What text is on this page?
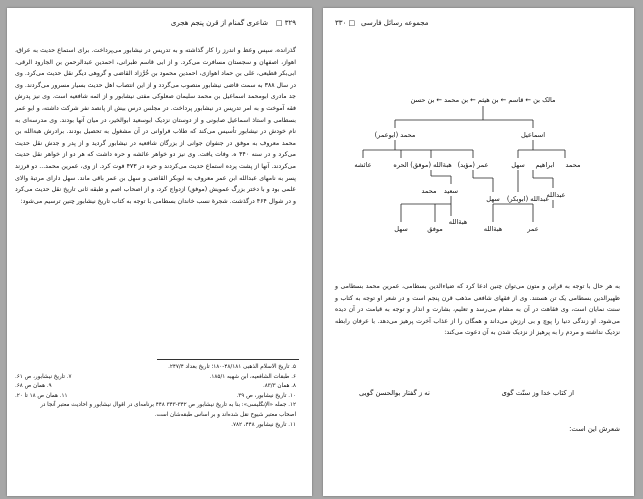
□ ۳۲۹
شاعری گمنام از قرن پنجم هجری
گذرانده، سپس وعظ و اندرز را کار گذاشته و به تدریس در نیشابور می‌پرداخت. برای استماع حدیث به عراق، اهواز، اصفهان و سجستان مسافرت می‌کرد. و از ابی قاسم طبرانی، احمدین عبدالرحمن بن الجارود الرقی، ابی‌بکر قطیعی، علی بن حماد اهوازی، احمدین محمود بن خُرَّزاد القاضی و گروهی دیگر نقل حدیث می‌کرد. وی در سال ۳۸۸ به سمت قاضی نیشابور منصوب می‌گردد و از این انتصاب اهل حدیث بسیار مسرور می‌گردند. وی جد مادری ابومحمد اسماعیل بن محمد سلیمان صعلوکی مفتی نیشابور و از ائمه شافعیه است. وی نیز پدرش فقه آموخت و به امر تدریس در نیشابور پرداخت. در مجلس درس بیش از پانصد نفر شرکت داشته، و ابو عمر بسطامی و استاذ اسماعیل صابونی و از دوستان نزدیک ابوسعید ابوالخیر، در میان آنها بودند. وی مدرسه‌ای به نام خودش در نیشابور تأسیس می‌کند که طلاب فراوانی در آن مشغول به تحصیل بودند. برادرش هبةالله بن محمد معروف به موفق در جنفوان جوانی از بزرگان شافعیه در نیشابور گردید و از پدر و جدش نقل حدیث می‌کرد و در سنه ۴۴۰ ه. وفات یافت. وی نیز دو خواهر عائشه و حره داشت که هر دو از خواهر نقل حدیث می‌کردند. آنها از پشت پرده استماع حدیث می‌کردند و حره در ۴۷۳ فوت کرد. از وی، عمرین محمد... دو فرزند پسر به نامهای عبدالله ابن عمر معروف به ابوبکر القاضی و سهل بن عمر باقی ماند. سهل دارای مرتبهٔ والای علمی بود و با دختر بزرگ عمویش (موفق) ازدواج کرد، و از اصحاب اصم و طبقه ثانی تاریخ نقل حدیث می‌کرد و در شوال ۴۶۴ درگذشت. شجرهٔ نسب خاندان بسطامی با توجه به کتاب تاریخ نیشابور چنین ترسیم می‌شود:
۵. تاریخ الاسلام الذهبی ۴۸/۱۸۱-۱۸۰؛ تاریخ بغداد ۲۴۷/۴.
۶. طبقات الشافعیه، ابن شهبه ۱۸۵/۱.
۷. تاریخ نیشابور، ص ۶۱.
۸. همان ۸۳/۳.
۹. همان ص ۶۸.
۱۰. تاریخ نیشابور، ص ۳۹.
۱۱. همان ص ۱۸ تا ۲۰.
۱۲. جمله «الإنگلیسی»: بنا به تاریخ نیشابور ص ۳۴۲-۳۴۳ ۴۴۸ برنامه‌ای در اقوال نیشابور و احادیث معتبر آنجا در
اصحاب معتبر شیوخ نقل شده‌اند و بر اساس طبقه‌شان است.
۱۱. تاریخ نیشابور ۴۴۸، ۷۸۲.
۳۳۰ □ مجموعه رسائل فارسی
مالک بن ← قاسم ← بن هیثم ← بن محمد ← بن حسن
اسماعیل
محمد (ابوعمر)
عائشه	الحره هبةالله (موفق) عمر (مؤید)	سهل ابراهیم محمد
سعید
محمد
سهل عبدالله (ابوبکر)
عبدالله
سهل	موفق
هبةالله
هبةالله	عمر
به هر حال با توجه به قراین و متون می‌توان چنین ادعا کرد که ضیاءالدین بسطامی، عمرین محمد بسطامی و ظهیرالدین بسطامی یک تن هستند. وی از فقهای شافعی مذهب قرن پنجم است و در شعر او توجه به کتاب و سنت نمایان است، وی فقاهت در آن به مشام می‌رسد و تعلیم، بشارت و انذار و توجه به قیامت در آن دیده می‌شود. او زندگی دنیا را پوچ و بی ارزش می‌داند و همگان را از عذاب آخرت پرهیز می‌دهد. با عرفان رابطه نزدیک نداشته و مردم را به پرهیز از نزدیک شدن به آن دعوت می‌کند:
از کتاب خدا وز سنّت گوی
نه ز گفتار بوالحسن گویی
شعرش این است:
